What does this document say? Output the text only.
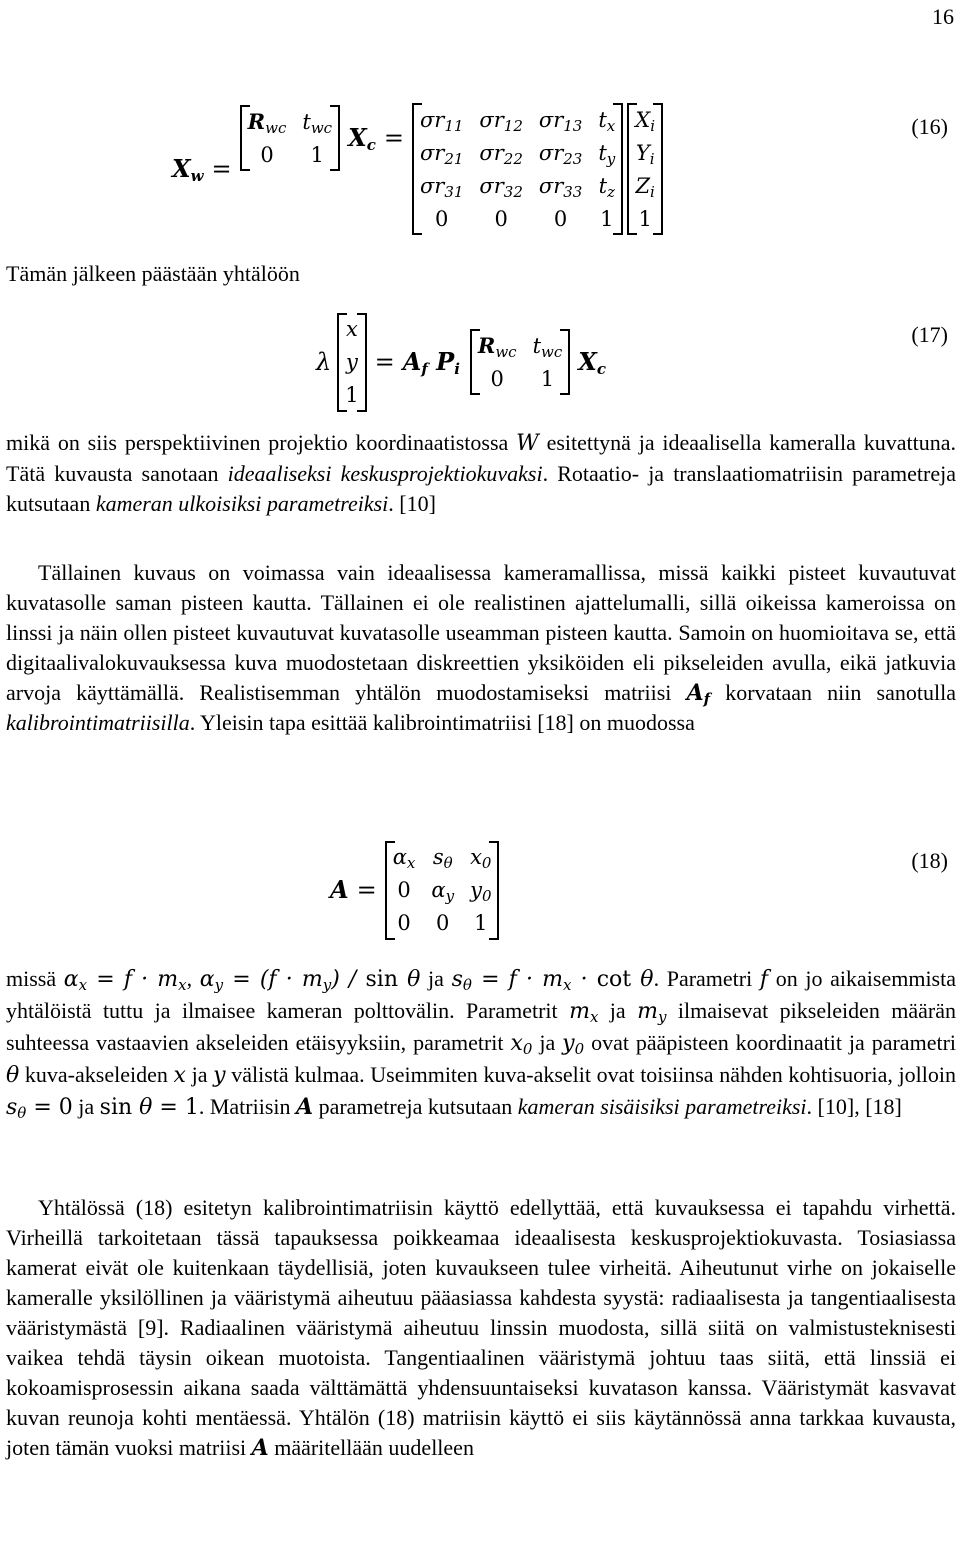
16
$X_w$ =
$R_{wc}$	$t_{wc}$
0	1
$X_c$ =
$\sigma r_{11}$	$\sigma r_{12}$	$\sigma r_{13}$	$t_x$
$\sigma r_{21}$	$\sigma r_{22}$	$\sigma r_{23}$	$t_y$
$\sigma r_{31}$	$\sigma r_{32}$	$\sigma r_{33}$	$t_z$
0	0	0	1
$X_i$
$Y_i$
$Z_i$
1
(16)

Tämän jälkeen päästään yhtälöön

λ
x
y
1
= $A_f$ $P_i$
$R_{wc}$	$t_{wc}$
0	1
$X_c$
(17)

mikä on siis perspektiivinen projektio koordinaatistossa W esitettynä ja ideaalisella kameralla kuvattuna. Tätä kuvausta sanotaan ideaaliseksi keskusprojektiokuvaksi. Rotaatio- ja translaatiomatriisin parametreja kutsutaan kameran ulkoisiksi parametreiksi. [10]

Tällainen kuvaus on voimassa vain ideaalisessa kameramallissa, missä kaikki pisteet kuvautuvat kuvatasolle saman pisteen kautta. Tällainen ei ole realistinen ajattelumalli, sillä oikeissa kameroissa on linssi ja näin ollen pisteet kuvautuvat kuvatasolle useamman pisteen kautta. Samoin on huomioitava se, että digitaalivalokuvauksessa kuva muodostetaan diskreettien yksiköiden eli pikseleiden avulla, eikä jatkuvia arvoja käyttämällä. Realistisemman yhtälön muodostamiseksi matriisi $A_f$ korvataan niin sanotulla kalibrointimatriisilla. Yleisin tapa esittää kalibrointimatriisi [18] on muodossa

A =
$\alpha_x$	$s_\theta$	$x_0$
0	$\alpha_y$	$y_0$
0	0	1
(18)

missä $\alpha_x = f \cdot m_x$, $\alpha_y = (f \cdot m_y) / \sin \theta$ ja $s_\theta = f \cdot m_x \cdot \cot \theta$. Parametri f on jo aikaisemmista yhtälöistä tuttu ja ilmaisee kameran polttovälin. Parametrit $m_x$ ja $m_y$ ilmaisevat pikseleiden määrän suhteessa vastaavien akseleiden etäisyyksiin, parametrit $x_0$ ja $y_0$ ovat pääpisteen koordinaatit ja parametri θ kuva-akseleiden x ja y välistä kulmaa. Useimmiten kuva-akselit ovat toisiinsa nähden kohtisuoria, jolloin $s_\theta = 0$ ja sin θ = 1. Matriisin A parametreja kutsutaan kameran sisäisiksi parametreiksi. [10], [18]

Yhtälössä (18) esitetyn kalibrointimatriisin käyttö edellyttää, että kuvauksessa ei tapahdu virhettä. Virheillä tarkoitetaan tässä tapauksessa poikkeamaa ideaalisesta keskusprojektiokuvasta. Tosiasiassa kamerat eivät ole kuitenkaan täydellisiä, joten kuvaukseen tulee virheitä. Aiheutunut virhe on jokaiselle kameralle yksilöllinen ja vääristymä aiheutuu pääasiassa kahdesta syystä: radiaalisesta ja tangentiaalisesta vääristymästä [9]. Radiaalinen vääristymä aiheutuu linssin muodosta, sillä siitä on valmistusteknisesti vaikea tehdä täysin oikean muotoista. Tangentiaalinen vääristymä johtuu taas siitä, että linssiä ei kokoamisprosessin aikana saada välttämättä yhdensuuntaiseksi kuvatason kanssa. Vääristymät kasvavat kuvan reunoja kohti mentäessä. Yhtälön (18) matriisin käyttö ei siis käytännössä anna tarkkaa kuvausta, joten tämän vuoksi matriisi A määritellään uudelleen
